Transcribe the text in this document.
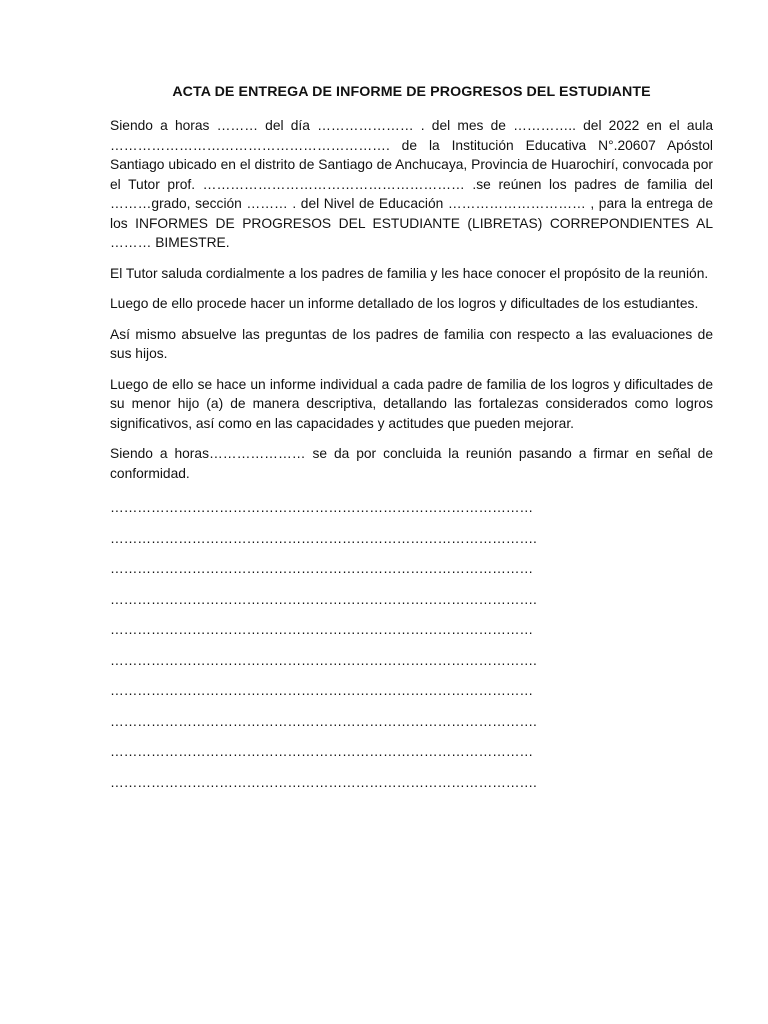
ACTA DE ENTREGA DE INFORME DE PROGRESOS DEL ESTUDIANTE

Siendo a horas ……… del día ………………… . del mes de ………….. del 2022 en el aula ……………………………………………………. de la Institución Educativa N°.20607 Apóstol Santiago ubicado en el distrito de Santiago de Anchucaya, Provincia de Huarochirí, convocada por el Tutor prof. ………………………………………………… .se reúnen los padres de familia del ………grado, sección ……… . del Nivel de Educación ………………………… , para la entrega de los INFORMES DE PROGRESOS DEL ESTUDIANTE (LIBRETAS) CORREPONDIENTES AL ……… BIMESTRE.

El Tutor saluda cordialmente a los padres de familia y les hace conocer el propósito de la reunión.

Luego de ello procede hacer un informe detallado de los logros y dificultades de los estudiantes.

Así mismo absuelve las preguntas de los padres de familia con respecto a las evaluaciones de sus hijos.

Luego de ello se hace un informe individual a cada padre de familia de los logros y dificultades de su menor hijo (a) de manera descriptiva, detallando las fortalezas considerados como logros significativos, así como en las capacidades y actitudes que pueden mejorar.

Siendo a horas………………… se da por concluida la reunión pasando a firmar en señal de conformidad.

…………………………………………………………………………………
………………………………………………………………………………….
…………………………………………………………………………………
………………………………………………………………………………….
…………………………………………………………………………………
………………………………………………………………………………….
…………………………………………………………………………………
………………………………………………………………………………….
…………………………………………………………………………………
………………………………………………………………………………….
